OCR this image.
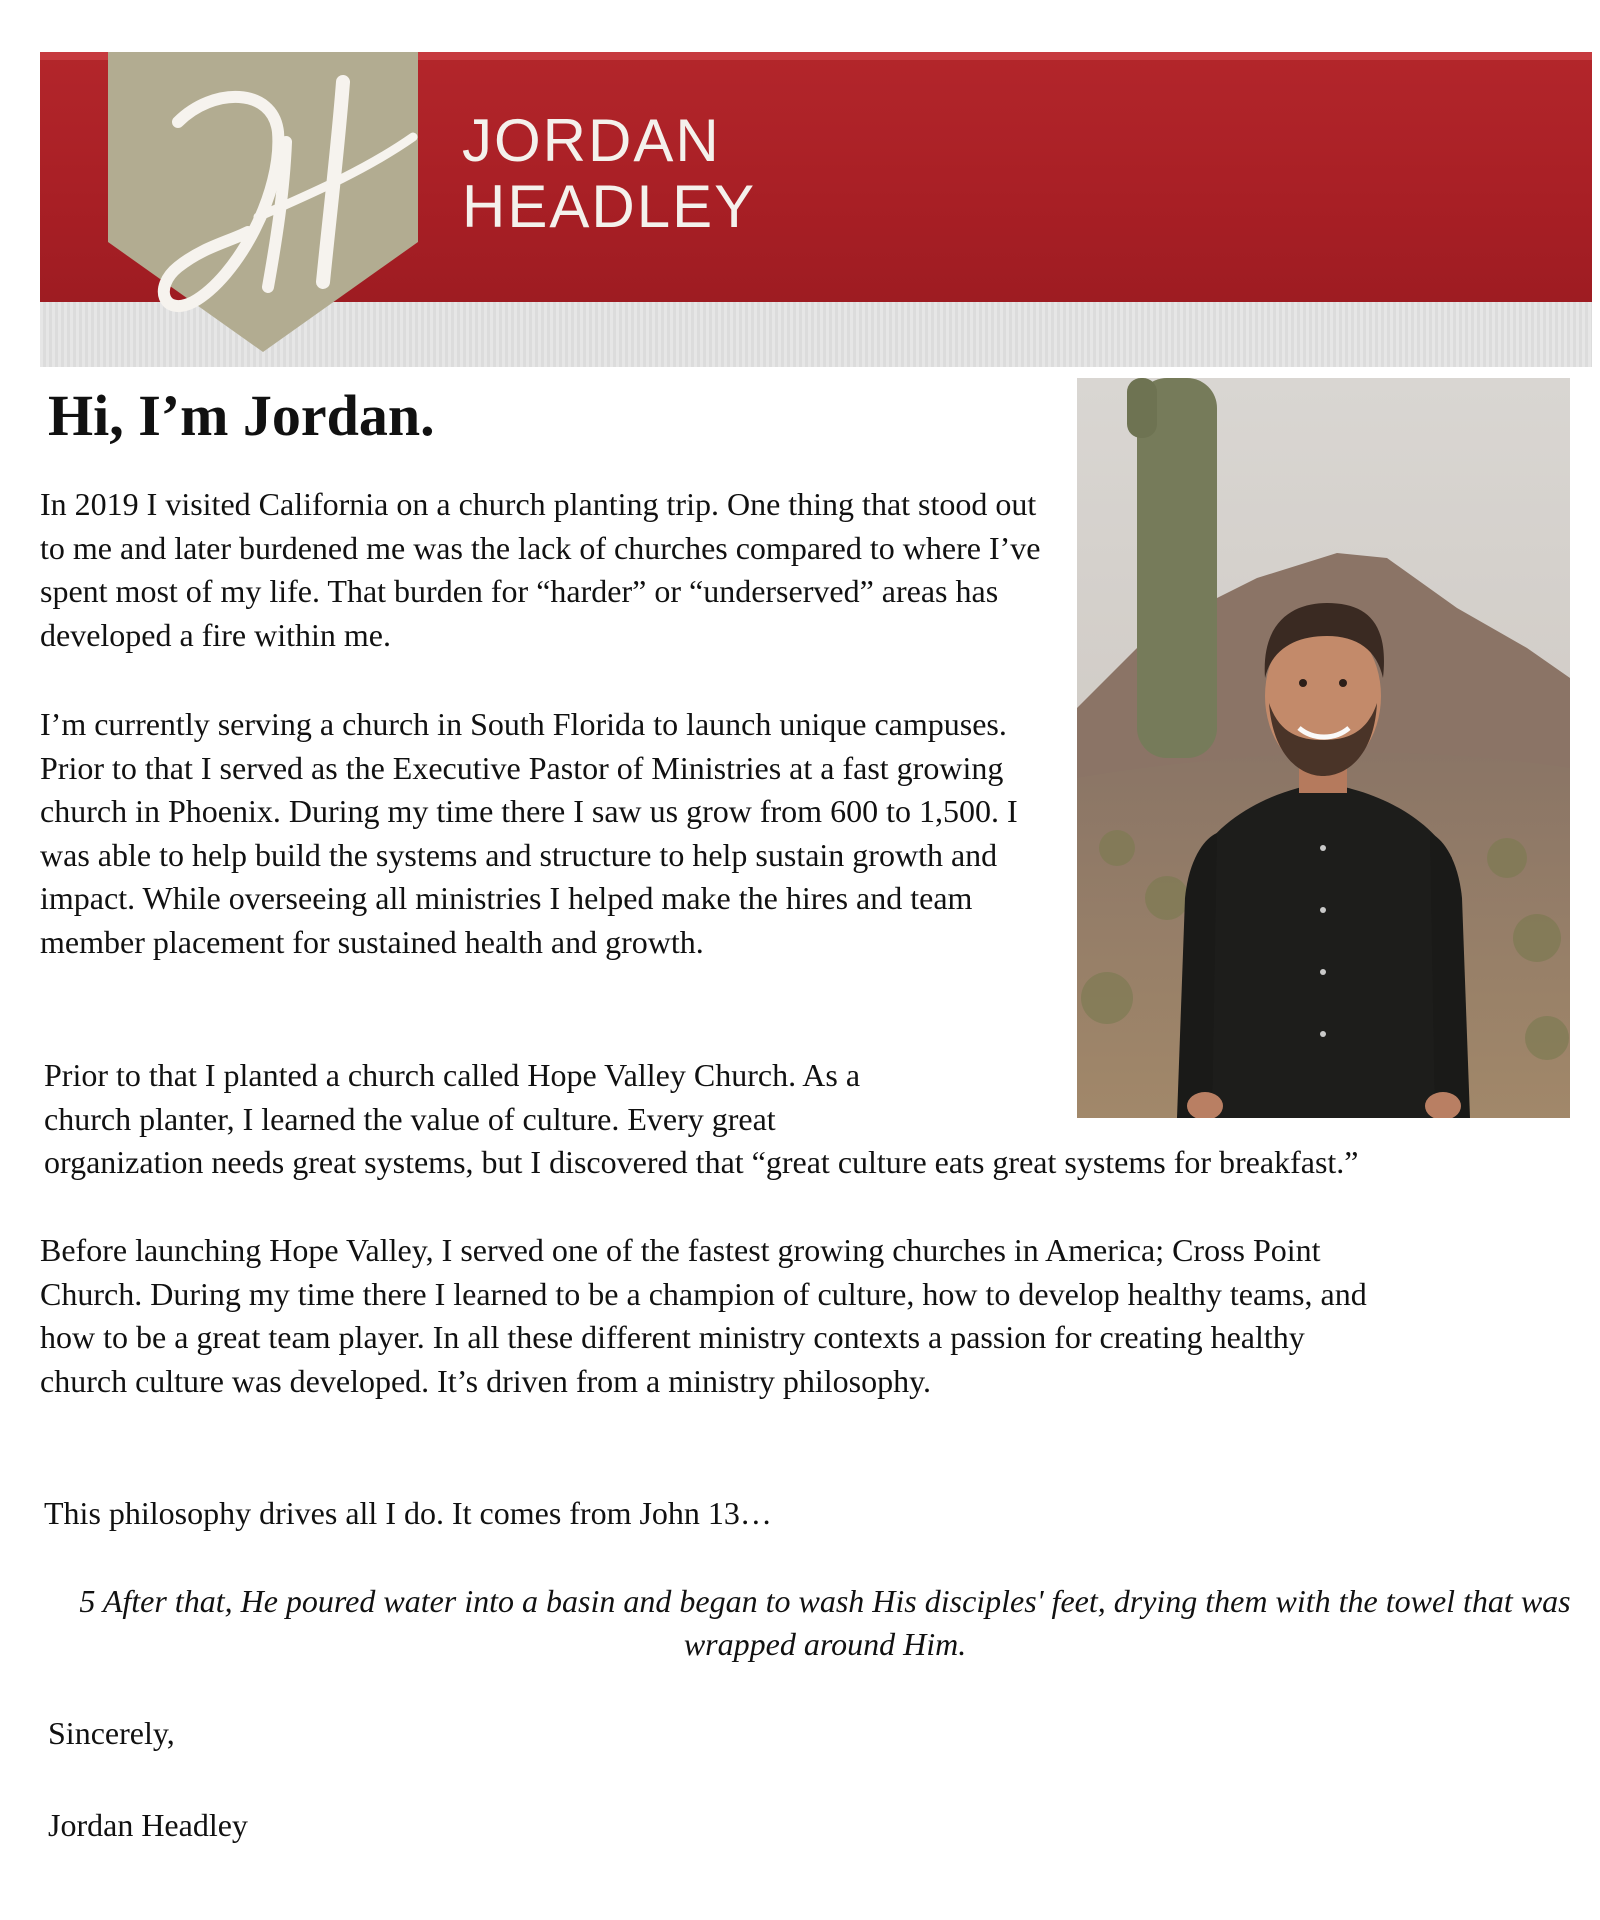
JORDAN
HEADLEY
Hi, I’m Jordan.

In 2019 I visited California on a church planting trip. One thing that stood out to me and later burdened me was the lack of churches compared to where I’ve spent most of my life. That burden for “harder” or “underserved” areas has developed a fire within me.

I’m currently serving a church in South Florida to launch unique campuses. Prior to that I served as the Executive Pastor of Ministries at a fast growing church in Phoenix. During my time there I saw us grow from 600 to 1,500. I was able to help build the systems and structure to help sustain growth and impact. While overseeing all ministries I helped make the hires and team member placement for sustained health and growth.

Prior to that I planted a church called Hope Valley Church. As a
church planter, I learned the value of culture. Every great
organization needs great systems, but I discovered that “great culture eats great systems for breakfast.”

Before launching Hope Valley, I served one of the fastest growing churches in America; Cross Point Church. During my time there I learned to be a champion of culture, how to develop healthy teams, and how to be a great team player. In all these different ministry contexts a passion for creating healthy church culture was developed. It’s driven from a ministry philosophy.

This philosophy drives all I do. It comes from John 13…

5 After that, He poured water into a basin and began to wash His disciples' feet, drying them with the towel that was wrapped around Him.

Sincerely,

Jordan Headley
